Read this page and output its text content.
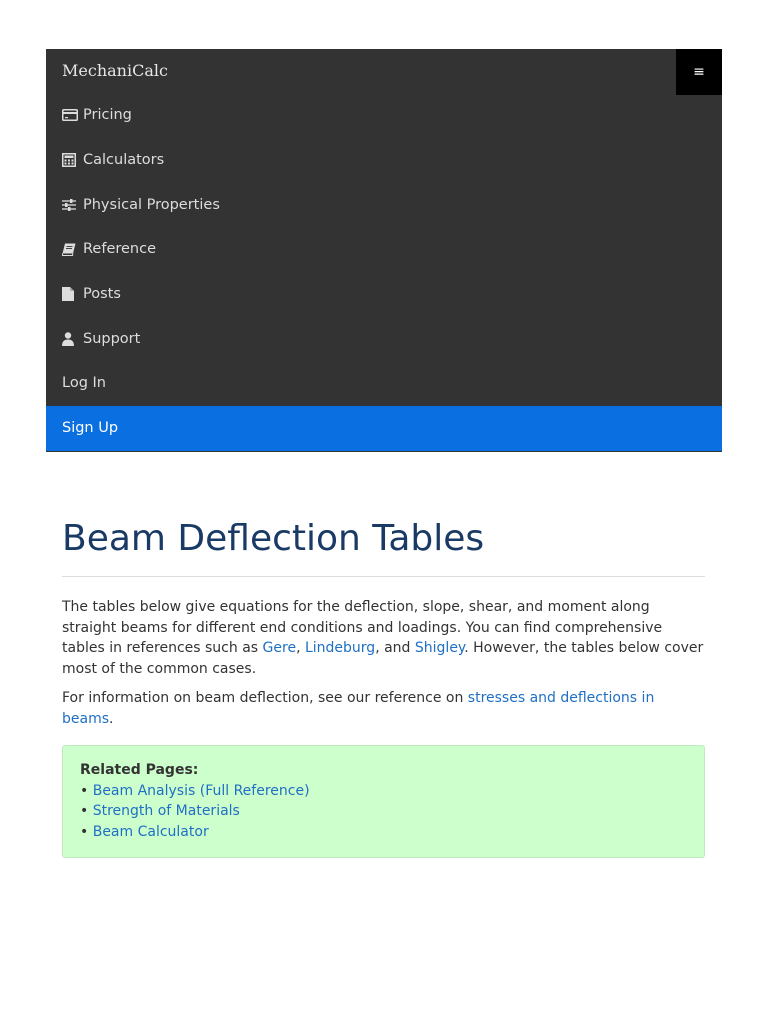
MechaniCalc	≡
Pricing
Calculators
Physical Properties
Reference
Posts
Support
Log In
Sign Up
Beam Deflection Tables

The tables below give equations for the deflection, slope, shear, and moment along straight beams for different end conditions and loadings. You can find comprehensive tables in references such as Gere, Lindeburg, and Shigley. However, the tables below cover most of the common cases.

For information on beam deflection, see our reference on stresses and deflections in beams.

Related Pages:
• Beam Analysis (Full Reference)
• Strength of Materials
• Beam Calculator
